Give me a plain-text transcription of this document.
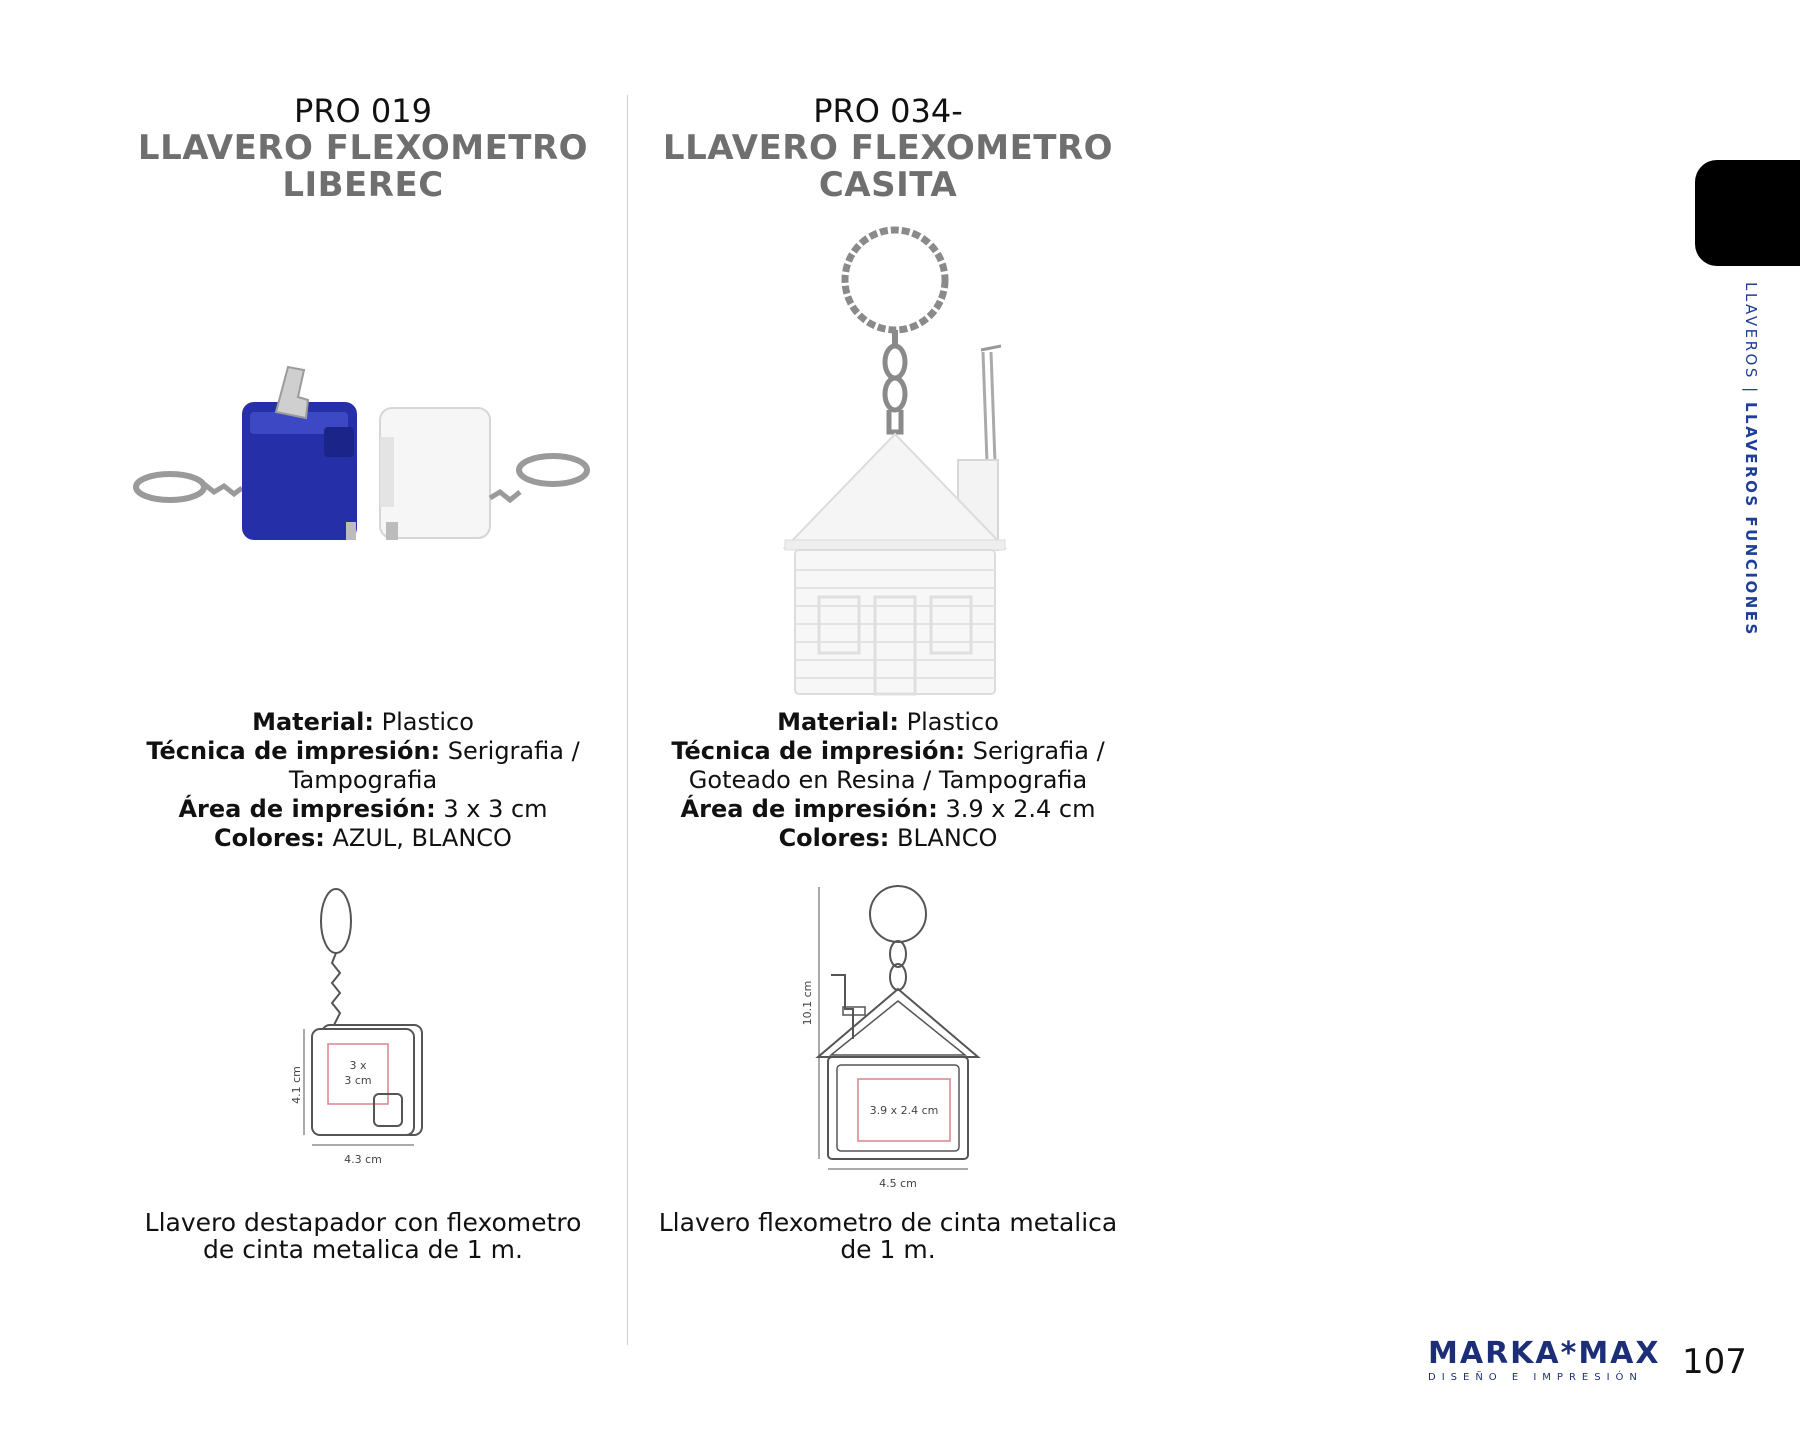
PRO 019
LLAVERO FLEXOMETRO LIBEREC
Material: Plastico
Técnica de impresión: Serigrafia / Tampografia
Área de impresión: 3 x 3 cm
Colores: AZUL, BLANCO
3 x
3 cm
4.1 cm
4.3 cm
Llavero destapador con flexometro de cinta metalica de 1 m.
PRO 034-
LLAVERO FLEXOMETRO CASITA
Material: Plastico
Técnica de impresión: Serigrafia / Goteado en Resina / Tampografia
Área de impresión: 3.9 x 2.4 cm
Colores: BLANCO
3.9 x 2.4 cm
10.1 cm
4.5 cm
Llavero flexometro de cinta metalica de 1 m.
LLAVEROS | LLAVEROS FUNCIONES
MARKA*MAX
DISEÑO E IMPRESIÓN	107
